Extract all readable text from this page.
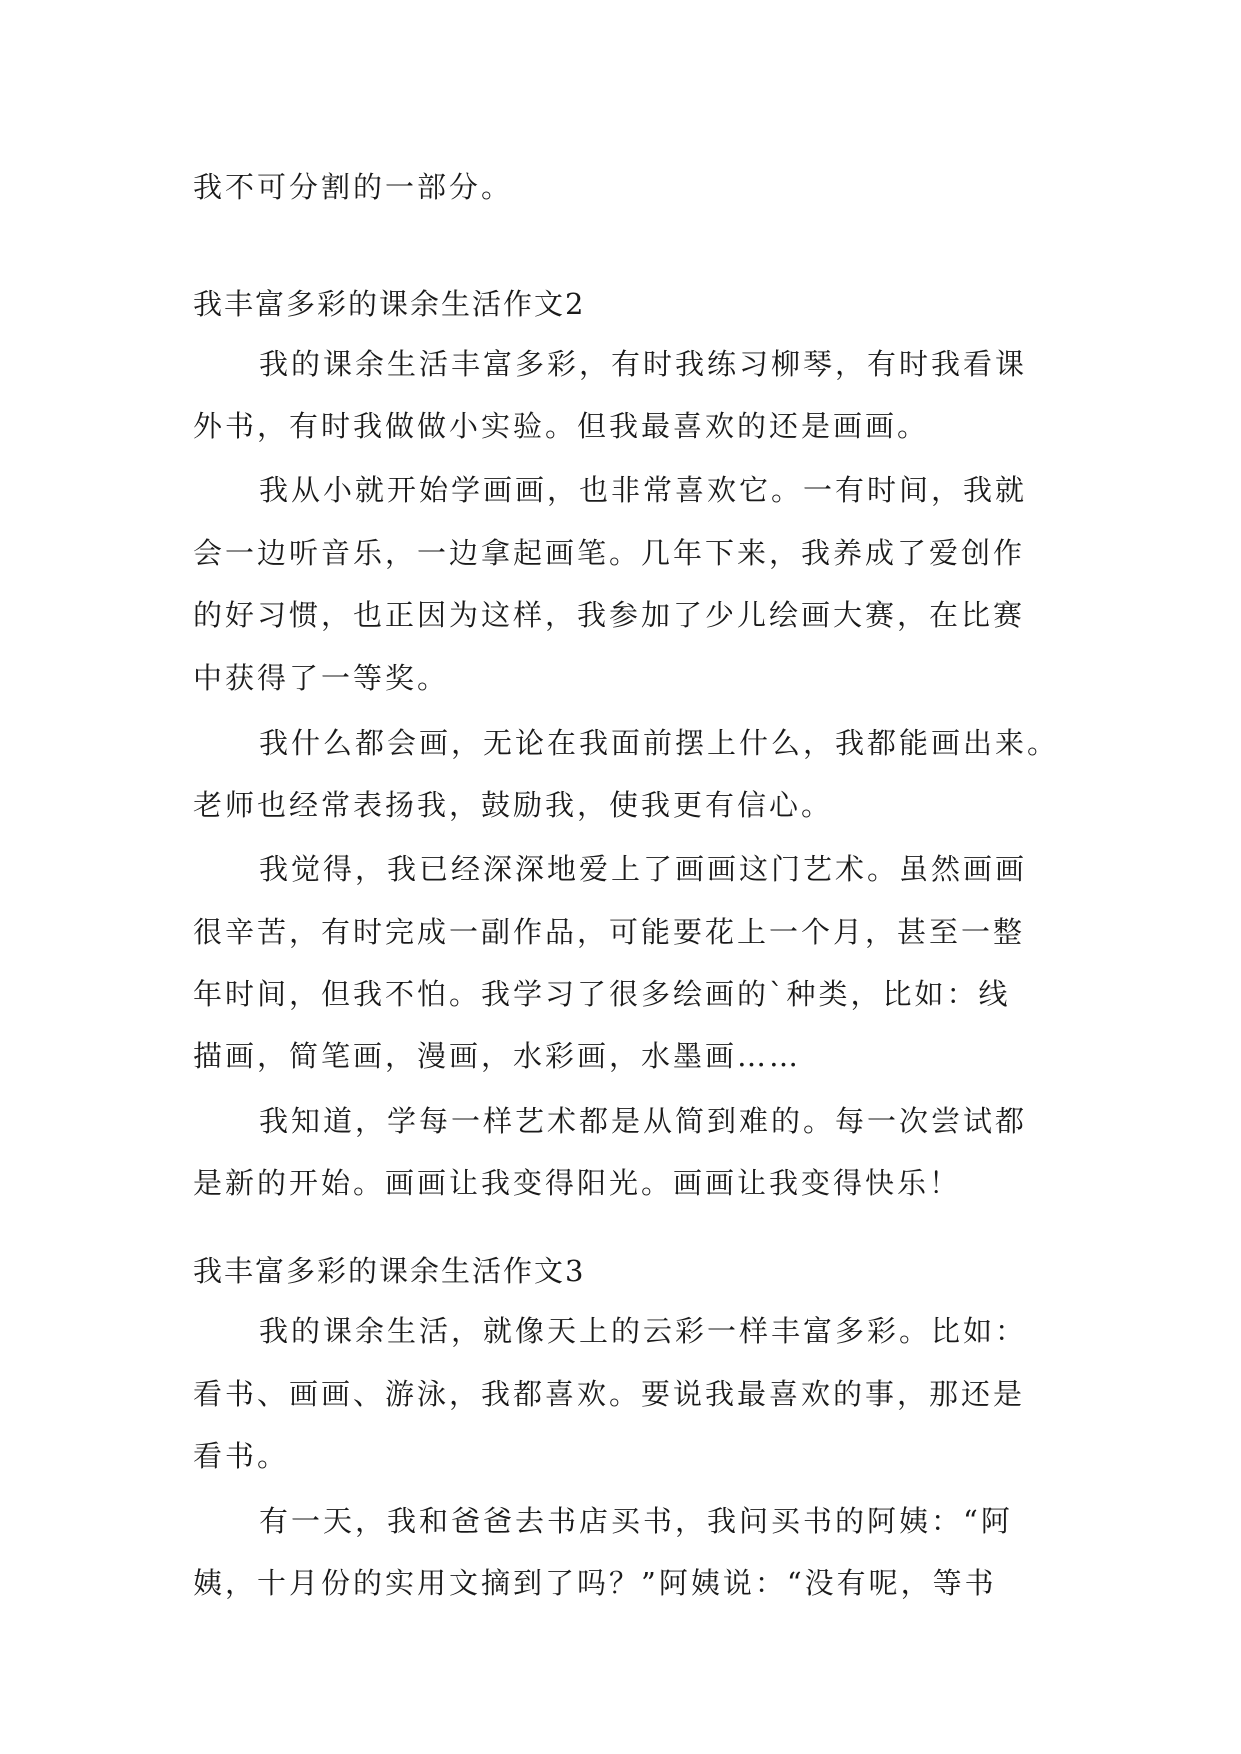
我不可分割的一部分。
我丰富多彩的课余生活作文2
我的课余生活丰富多彩，有时我练习柳琴，有时我看课
外书，有时我做做小实验。但我最喜欢的还是画画。
我从小就开始学画画，也非常喜欢它。一有时间，我就
会一边听音乐，一边拿起画笔。几年下来，我养成了爱创作
的好习惯，也正因为这样，我参加了少儿绘画大赛，在比赛
中获得了一等奖。
我什么都会画，无论在我面前摆上什么，我都能画出来。
老师也经常表扬我，鼓励我，使我更有信心。
我觉得，我已经深深地爱上了画画这门艺术。虽然画画
很辛苦，有时完成一副作品，可能要花上一个月，甚至一整
年时间，但我不怕。我学习了很多绘画的`种类，比如：线
描画，简笔画，漫画，水彩画，水墨画……
我知道，学每一样艺术都是从简到难的。每一次尝试都
是新的开始。画画让我变得阳光。画画让我变得快乐！
我丰富多彩的课余生活作文3
我的课余生活，就像天上的云彩一样丰富多彩。比如：
看书、画画、游泳，我都喜欢。要说我最喜欢的事，那还是
看书。
有一天，我和爸爸去书店买书，我问买书的阿姨：“阿
姨，十月份的实用文摘到了吗？”阿姨说：“没有呢，等书
